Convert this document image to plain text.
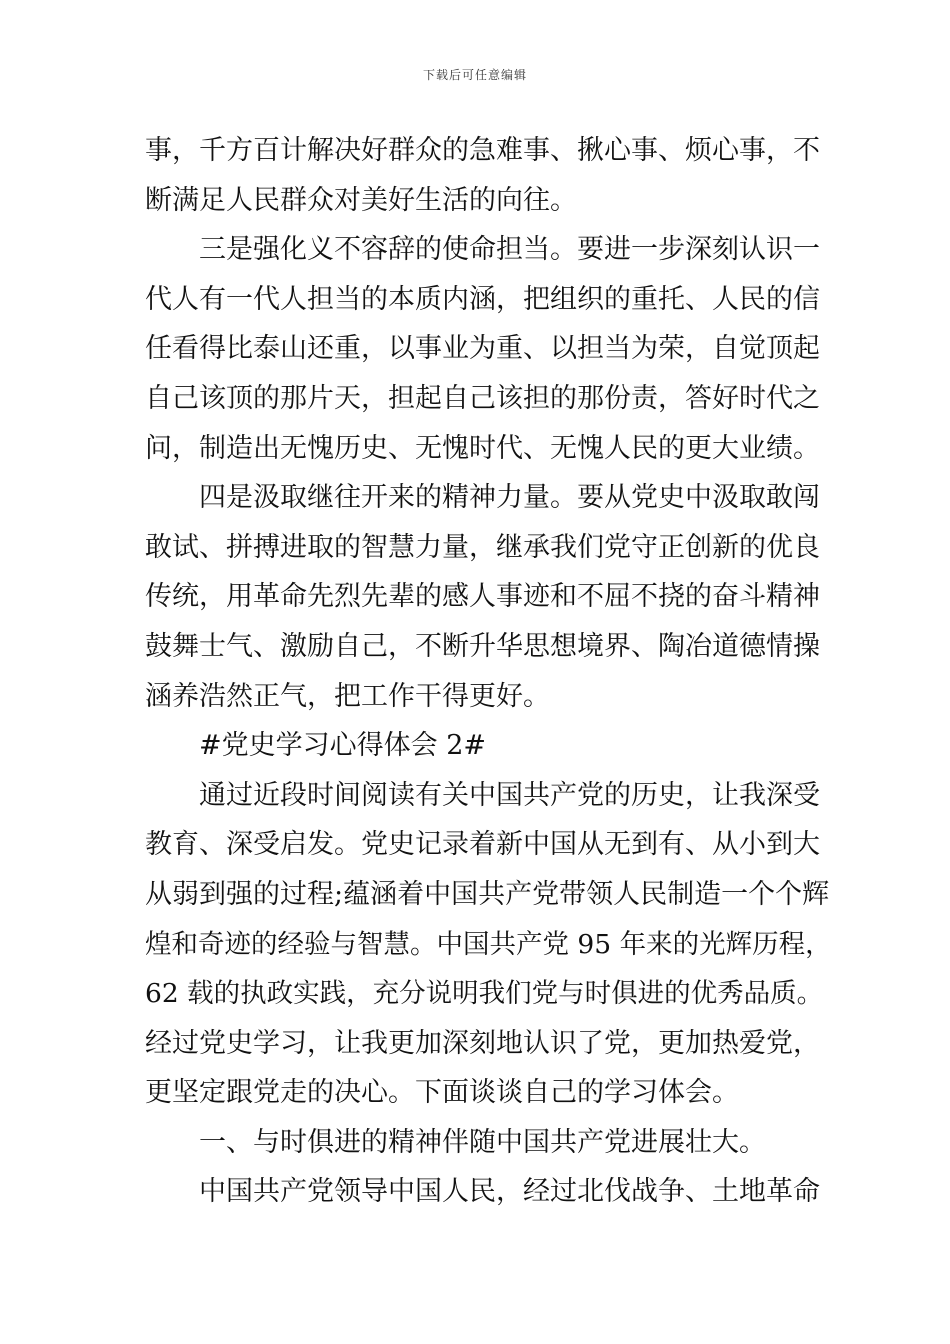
下载后可任意编辑
事，千方百计解决好群众的急难事、揪心事、烦心事，不
断满足人民群众对美好生活的向往。
三是强化义不容辞的使命担当。要进一步深刻认识一
代人有一代人担当的本质内涵，把组织的重托、人民的信
任看得比泰山还重，以事业为重、以担当为荣，自觉顶起
自己该顶的那片天，担起自己该担的那份责，答好时代之
问，制造出无愧历史、无愧时代、无愧人民的更大业绩。
四是汲取继往开来的精神力量。要从党史中汲取敢闯
敢试、拼搏进取的智慧力量，继承我们党守正创新的优良
传统，用革命先烈先辈的感人事迹和不屈不挠的奋斗精神
鼓舞士气、激励自己，不断升华思想境界、陶冶道德情操
涵养浩然正气，把工作干得更好。
#党史学习心得体会 2#
通过近段时间阅读有关中国共产党的历史，让我深受
教育、深受启发。党史记录着新中国从无到有、从小到大
从弱到强的过程;蕴涵着中国共产党带领人民制造一个个辉
煌和奇迹的经验与智慧。中国共产党 95 年来的光辉历程，
62 载的执政实践，充分说明我们党与时俱进的优秀品质。
经过党史学习，让我更加深刻地认识了党，更加热爱党，
更坚定跟党走的决心。下面谈谈自己的学习体会。
一、与时俱进的精神伴随中国共产党进展壮大。
中国共产党领导中国人民，经过北伐战争、土地革命
